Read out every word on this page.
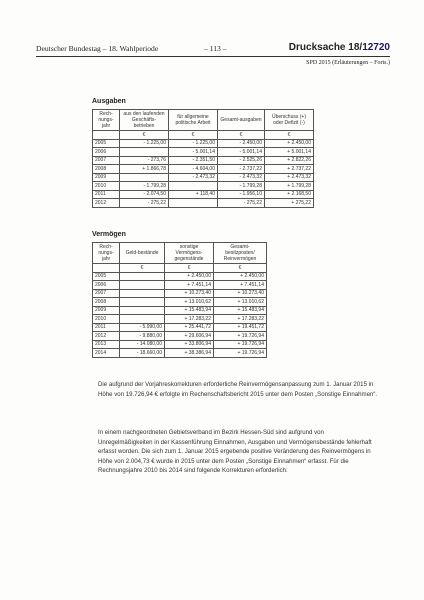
Deutscher Bundestag – 18. Wahlperiode	– 113 –	Drucksache 18/12720
SPD 2015 (Erläuterungen – Forts.)
Ausgaben
Rech-nungs-jahr	aus den laufenden Geschäfts-betrieben	für allgemeine politische Arbeit	Gesamt-ausgaben	Überschuss (+) oder Defizit (-)
	€	€	€	€
2005	- 1.225,00	- 1.225,00	- 2.450,00	+ 2.450,00
2006		- 5.001,14	- 5.001,14	+ 5.001,14
2007	- 273,76	- 2.351,50	- 2.525,26	+ 2.822,26
2008	+ 1.866,78	- 4.604,00	- 2.737,22	+ 2.737,22
2009		- 2.473,32	- 2.473,32	+ 2.473,32
2010	- 1.799,28		- 1.799,28	+ 1.799,28
2011	- 2.074,50	+ 118,40	- 1.956,10	+ 2.168,50
2012	- 275,22		- 275,22	+ 275,22
Vermögen
Rech-nungs-jahr	Geld-bestände	sonstige Vermögens-gegenstände	Gesamt-besitzposten/ Reinvermögen
	€	€	€
2005		+ 2.450,00	+ 2.450,00
2006		+ 7.451,14	+ 7.451,14
2007		+ 10.273,40	+ 10.273,40
2008		+ 13.010,62	+ 13.010,62
2009		+ 15.483,94	+ 15.483,94
2010		+ 17.283,22	+ 17.283,22
2011	- 5.990,00	+ 25.441,72	+ 19.451,72
2012	- 9.880,00	+ 29.606,94	+ 19.726,94
2013	- 14.080,00	+ 33.806,94	+ 19.726,94
2014	- 18.660,00	+ 38.386,94	+ 19.726,94
Die aufgrund der Vorjahreskorrekturen erforderliche Reinvermögensanpassung zum 1. Januar 2015 in Höhe von 19.726,94 € erfolgte im Rechenschaftsbericht 2015 unter dem Posten „Sonstige Einnahmen“.
In einem nachgeordneten Gebietsverband im Bezirk Hessen-Süd sind aufgrund von Unregelmäßigkeiten in der Kassenführung Einnahmen, Ausgaben und Vermögensbestände fehlerhaft erfasst worden. Die sich zum 1. Januar 2015 ergebende positive Veränderung des Reinvermögens in Höhe von 2.004,73 € wurde in 2015 unter dem Posten „Sonstige Einnahmen“ erfasst. Für die Rechnungsjahre 2010 bis 2014 sind folgende Korrekturen erforderlich:
